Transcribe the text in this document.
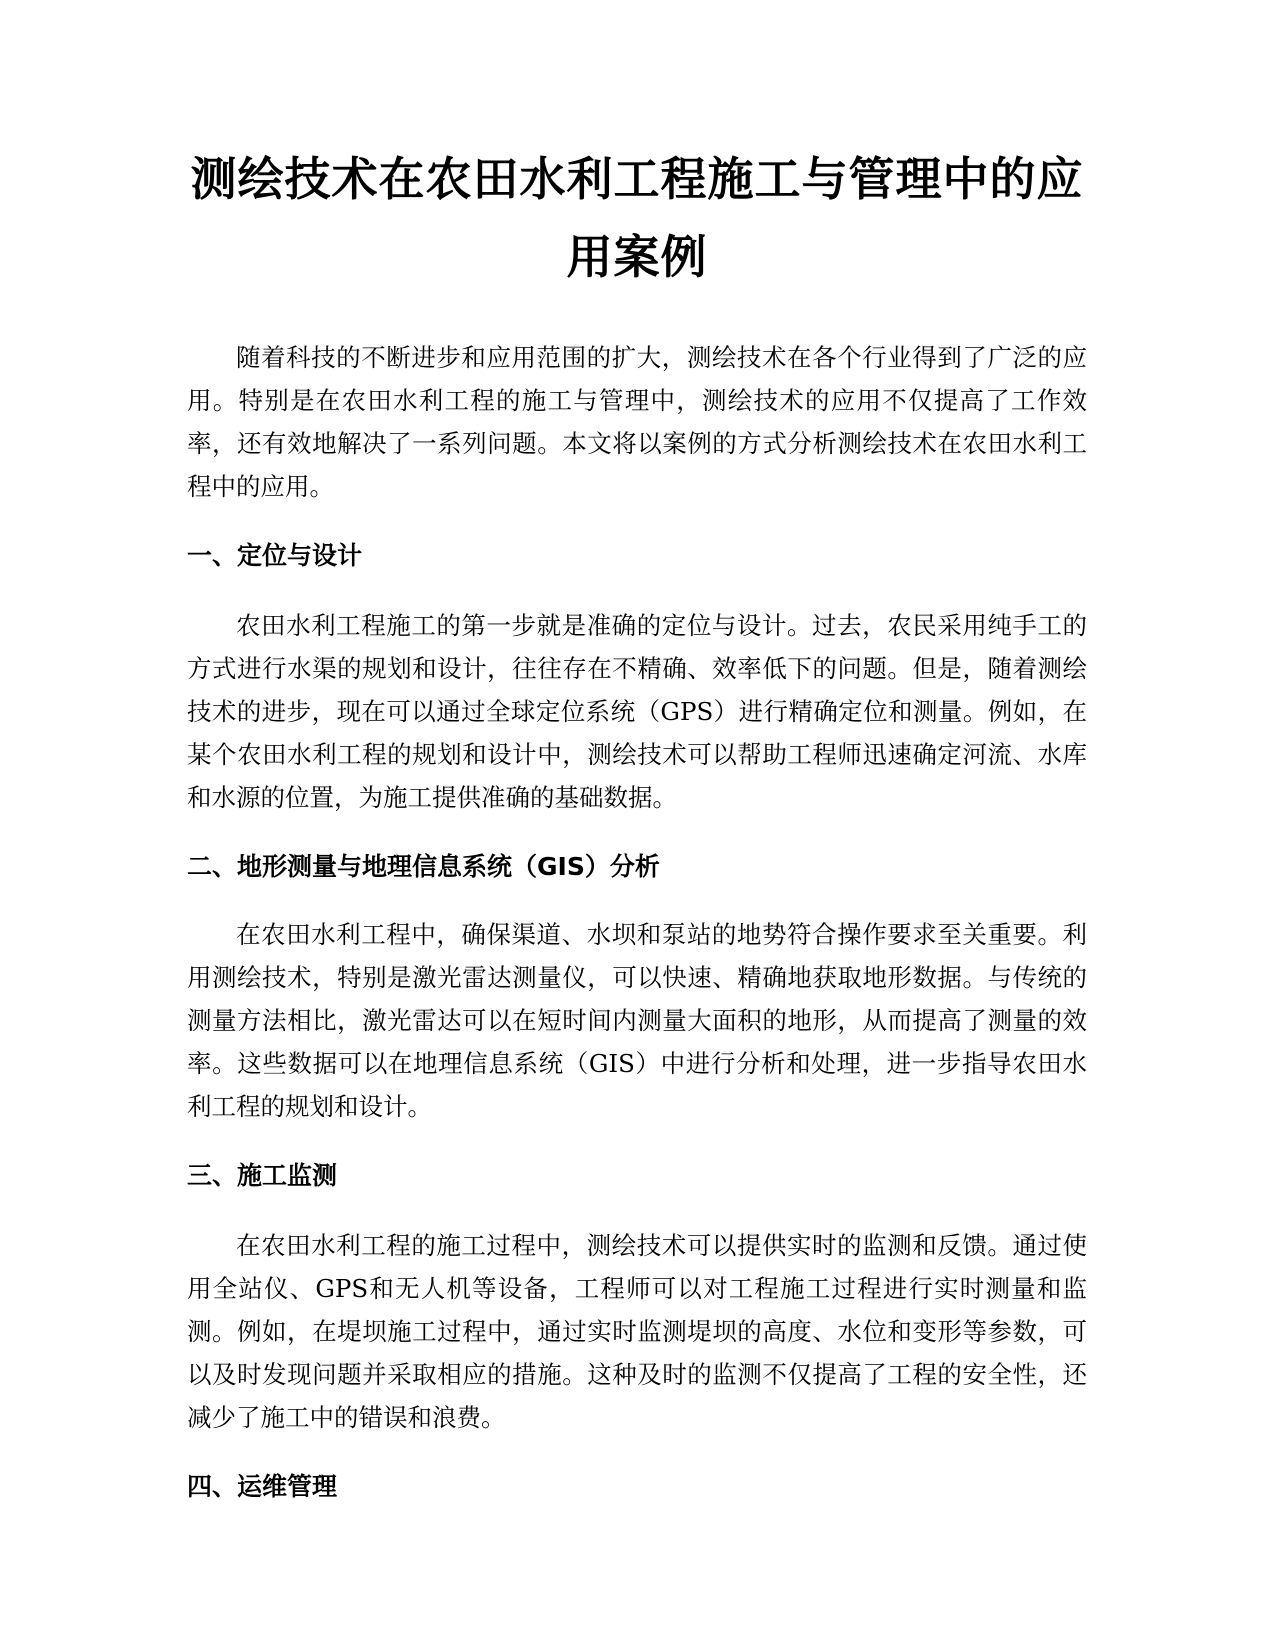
测绘技术在农田水利工程施工与管理中的应用案例

随着科技的不断进步和应用范围的扩大，测绘技术在各个行业得到了广泛的应用。特别是在农田水利工程的施工与管理中，测绘技术的应用不仅提高了工作效率，还有效地解决了一系列问题。本文将以案例的方式分析测绘技术在农田水利工程中的应用。

一、定位与设计

农田水利工程施工的第一步就是准确的定位与设计。过去，农民采用纯手工的方式进行水渠的规划和设计，往往存在不精确、效率低下的问题。但是，随着测绘技术的进步，现在可以通过全球定位系统（GPS）进行精确定位和测量。例如，在某个农田水利工程的规划和设计中，测绘技术可以帮助工程师迅速确定河流、水库和水源的位置，为施工提供准确的基础数据。

二、地形测量与地理信息系统（GIS）分析

在农田水利工程中，确保渠道、水坝和泵站的地势符合操作要求至关重要。利用测绘技术，特别是激光雷达测量仪，可以快速、精确地获取地形数据。与传统的测量方法相比，激光雷达可以在短时间内测量大面积的地形，从而提高了测量的效率。这些数据可以在地理信息系统（GIS）中进行分析和处理，进一步指导农田水利工程的规划和设计。

三、施工监测

在农田水利工程的施工过程中，测绘技术可以提供实时的监测和反馈。通过使用全站仪、GPS和无人机等设备，工程师可以对工程施工过程进行实时测量和监测。例如，在堤坝施工过程中，通过实时监测堤坝的高度、水位和变形等参数，可以及时发现问题并采取相应的措施。这种及时的监测不仅提高了工程的安全性，还减少了施工中的错误和浪费。

四、运维管理
